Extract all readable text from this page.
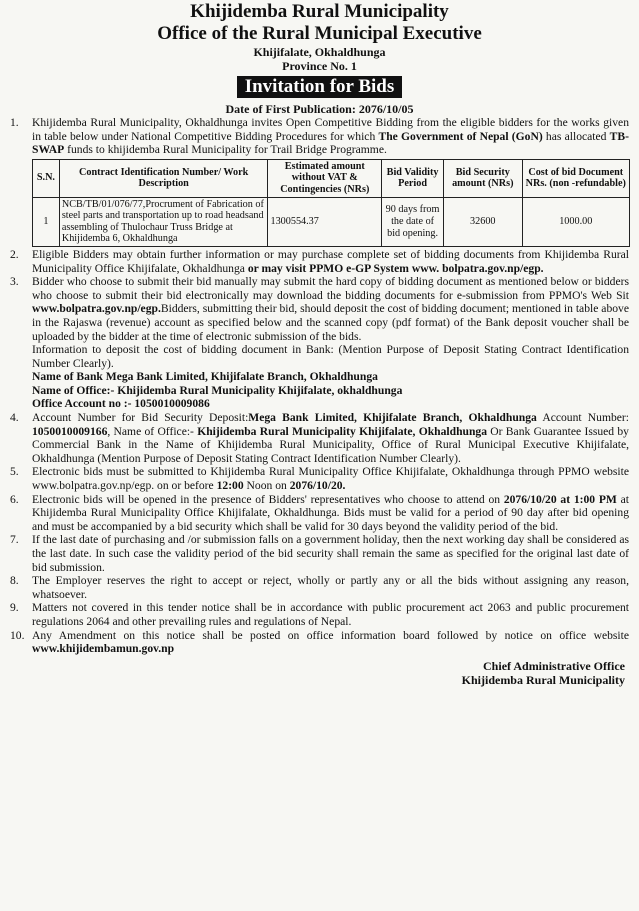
Khijidemba Rural Municipality
Office of the Rural Municipal Executive
Khijifalate, Okhaldhunga
Province No. 1
Invitation for Bids
Date of First Publication: 2076/10/05
1.	Khijidemba Rural Municipality, Okhaldhunga invites Open Competitive Bidding from the eligible bidders for the works given in table below under National Competitive Bidding Procedures for which The Government of Nepal (GoN) has allocated TB-SWAP funds to khijidemba Rural Municipality for Trail Bridge Programme.
S.N.	Contract Identification Number/ Work Description	Estimated amount without VAT & Contingencies (NRs)	Bid Validity Period	Bid Security amount (NRs)	Cost of bid Document NRs. (non -refundable)
1	NCB/TB/01/076/77,Procrument of Fabrication of steel parts and transportation up to road headsand assembling of Thulochaur Truss Bridge at Khijidemba 6, Okhaldhunga	1300554.37	90 days from the date of bid opening.	32600	1000.00
2.	Eligible Bidders may obtain further information or may purchase complete set of bidding documents from Khijidemba Rural Municipality Office Khijifalate, Okhaldhunga or may visit PPMO e-GP System www. bolpatra.gov.np/egp.
3.	Bidder who choose to submit their bid manually may submit the hard copy of bidding document as mentioned below or bidders who choose to submit their bid electronically may download the bidding documents for e-submission from PPMO's Web Sit www.bolpatra.gov.np/egp.Bidders, submitting their bid, should deposit the cost of bidding document; mentioned in table above in the Rajaswa (revenue) account as specified below and the scanned copy (pdf format) of the Bank deposit voucher shall be uploaded by the bidder at the time of electronic submission of the bids.
Information to deposit the cost of bidding document in Bank: (Mention Purpose of Deposit Stating Contract Identification Number Clearly).
Name of Bank Mega Bank Limited, Khijifalate Branch, Okhaldhunga
Name of Office:- Khijidemba Rural Municipality Khijifalate, okhaldhunga
Office Account no :- 1050010009086
4.	Account Number for Bid Security Deposit:Mega Bank Limited, Khijifalate Branch, Okhaldhunga Account Number: 1050010009166, Name of Office:- Khijidemba Rural Municipality Khijifalate, Okhaldhunga Or Bank Guarantee Issued by Commercial Bank in the Name of Khijidemba Rural Municipality, Office of Rural Municipal Executive Khijifalate, Okhaldhunga (Mention Purpose of Deposit Stating Contract Identification Number Clearly).
5.	Electronic bids must be submitted to Khijidemba Rural Municipality Office Khijifalate, Okhaldhunga through PPMO website www.bolpatra.gov.np/egp. on or before 12:00 Noon on 2076/10/20.
6.	Electronic bids will be opened in the presence of Bidders' representatives who choose to attend on 2076/10/20 at 1:00 PM at Khijidemba Rural Municipality Office Khijifalate, Okhaldhunga. Bids must be valid for a period of 90 day after bid opening and must be accompanied by a bid security which shall be valid for 30 days beyond the validity period of the bid.
7.	If the last date of purchasing and /or submission falls on a government holiday, then the next working day shall be considered as the last date. In such case the validity period of the bid security shall remain the same as specified for the original last date of bid submission.
8.	The Employer reserves the right to accept or reject, wholly or partly any or all the bids without assigning any reason, whatsoever.
9.	Matters not covered in this tender notice shall be in accordance with public procurement act 2063 and public procurement regulations 2064 and other prevailing rules and regulations of Nepal.
10. Any Amendment on this notice shall be posted on office information board followed by notice on office website www.khijidembamun.gov.np
Chief Administrative Office
Khijidemba Rural Municipality
